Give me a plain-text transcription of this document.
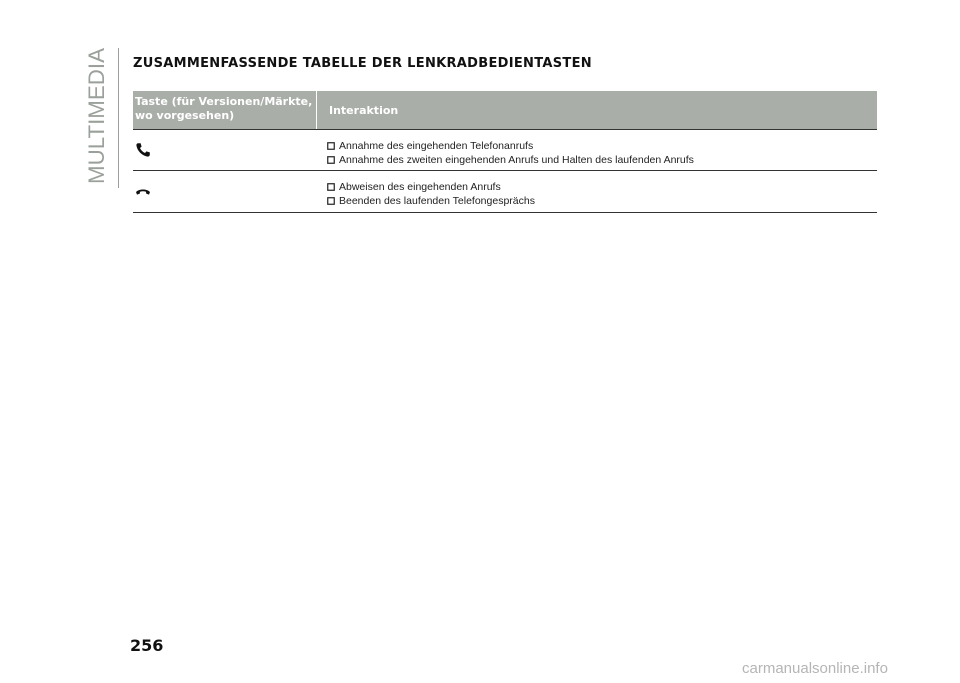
MULTIMEDIA ZUSAMMENFASSENDE TABELLE DER LENKRADBEDIENTASTEN
Taste (für Versionen/Märkte,
wo vorgesehen)	Interaktion
Annahme des eingehenden Telefonanrufs
Annahme des zweiten eingehenden Anrufs und Halten des laufenden Anrufs
Abweisen des eingehenden Anrufs
Beenden des laufenden Telefongesprächs
256
carmanualsonline.info
